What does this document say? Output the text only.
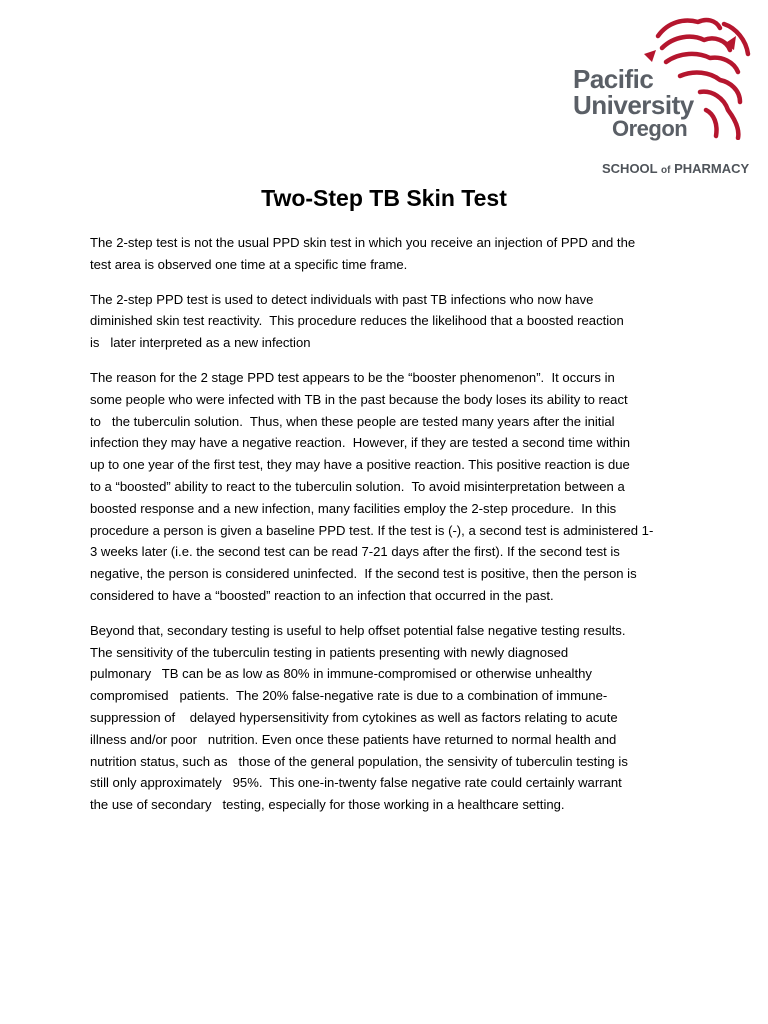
Pacific
University
Oregon
SCHOOL of PHARMACY
Two-Step TB Skin Test

The 2-step test is not the usual PPD skin test in which you receive an injection of PPD and the
test area is observed one time at a specific time frame.

The 2-step PPD test is used to detect individuals with past TB infections who now have
diminished skin test reactivity.  This procedure reduces the likelihood that a boosted reaction
is   later interpreted as a new infection

The reason for the 2 stage PPD test appears to be the “booster phenomenon”.  It occurs in
some people who were infected with TB in the past because the body loses its ability to react
to   the tuberculin solution.  Thus, when these people are tested many years after the initial
infection they may have a negative reaction.  However, if they are tested a second time within
up to one year of the first test, they may have a positive reaction. This positive reaction is due
to a “boosted” ability to react to the tuberculin solution.  To avoid misinterpretation between a
boosted response and a new infection, many facilities employ the 2-step procedure.  In this
procedure a person is given a baseline PPD test. If the test is (-), a second test is administered 1-
3 weeks later (i.e. the second test can be read 7-21 days after the first). If the second test is
negative, the person is considered uninfected.  If the second test is positive, then the person is
considered to have a “boosted” reaction to an infection that occurred in the past.

Beyond that, secondary testing is useful to help offset potential false negative testing results.
The sensitivity of the tuberculin testing in patients presenting with newly diagnosed
pulmonary   TB can be as low as 80% in immune-compromised or otherwise unhealthy
compromised   patients.  The 20% false-negative rate is due to a combination of immune-
suppression of    delayed hypersensitivity from cytokines as well as factors relating to acute
illness and/or poor   nutrition. Even once these patients have returned to normal health and
nutrition status, such as   those of the general population, the sensivity of tuberculin testing is
still only approximately   95%.  This one-in-twenty false negative rate could certainly warrant
the use of secondary   testing, especially for those working in a healthcare setting.
